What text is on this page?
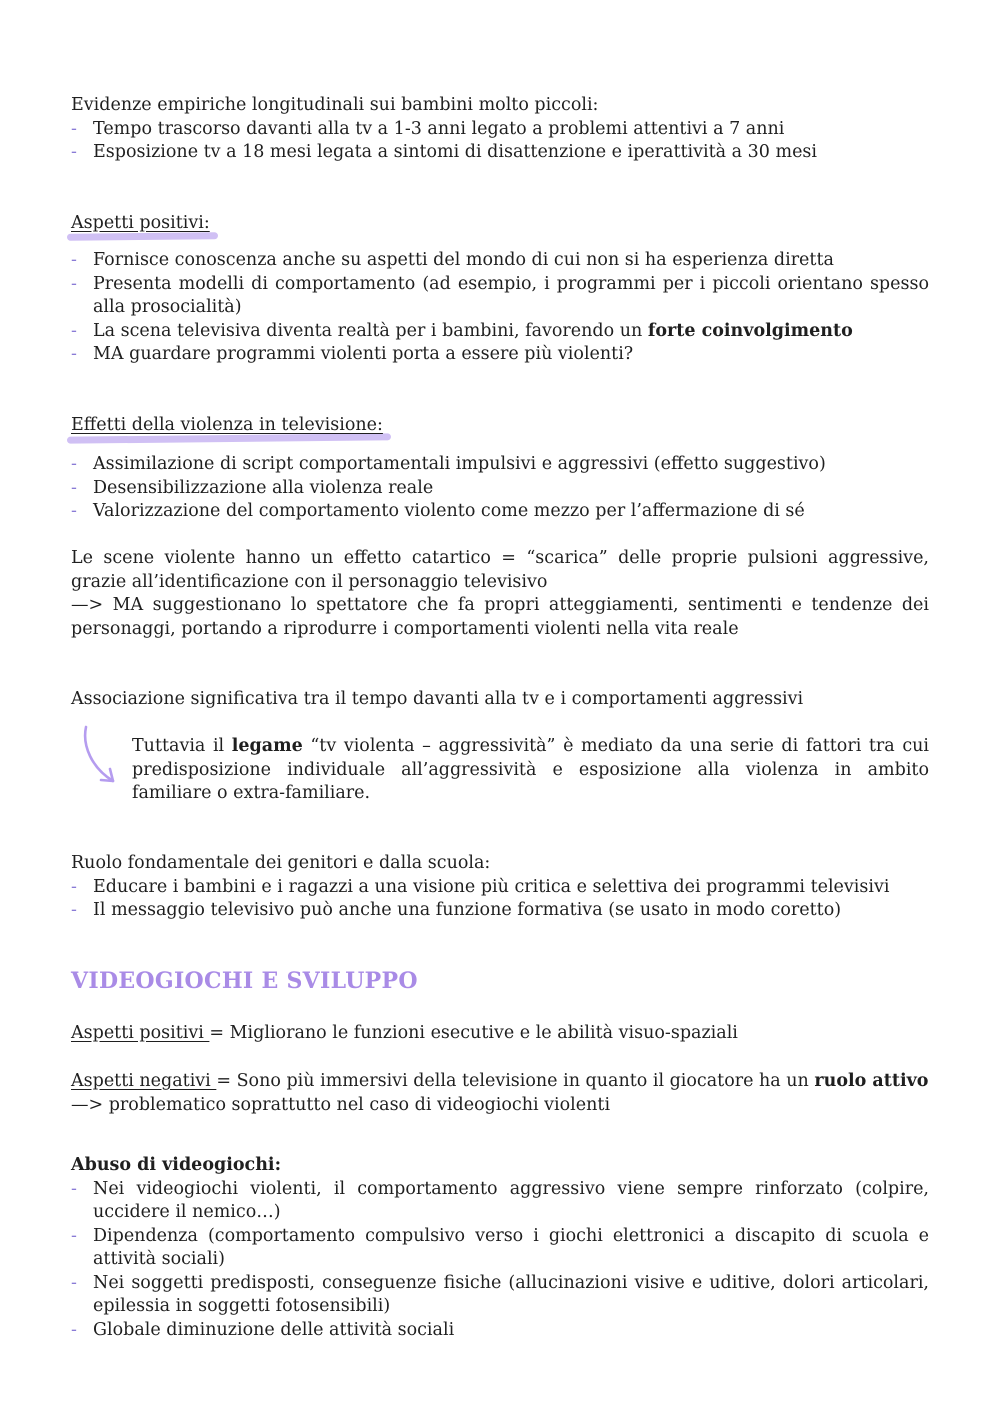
Evidenze empiriche longitudinali sui bambini molto piccoli:
- Tempo trascorso davanti alla tv a 1-3 anni legato a problemi attentivi a 7 anni
- Esposizione tv a 18 mesi legata a sintomi di disattenzione e iperattività a 30 mesi
Aspetti positivi:
- Fornisce conoscenza anche su aspetti del mondo di cui non si ha esperienza diretta
- Presenta modelli di comportamento (ad esempio, i programmi per i piccoli orientano spesso alla prosocialità)
- La scena televisiva diventa realtà per i bambini, favorendo un forte coinvolgimento
- MA guardare programmi violenti porta a essere più violenti?
Effetti della violenza in televisione:
- Assimilazione di script comportamentali impulsivi e aggressivi (effetto suggestivo)
- Desensibilizzazione alla violenza reale
- Valorizzazione del comportamento violento come mezzo per l’affermazione di sé
Le scene violente hanno un effetto catartico = “scarica” delle proprie pulsioni aggressive, grazie all’identificazione con il personaggio televisivo
—> MA suggestionano lo spettatore che fa propri atteggiamenti, sentimenti e tendenze dei personaggi, portando a riprodurre i comportamenti violenti nella vita reale
Associazione significativa tra il tempo davanti alla tv e i comportamenti aggressivi
Tuttavia il legame “tv violenta – aggressività” è mediato da una serie di fattori tra cui  predisposizione individuale all’aggressività e esposizione alla violenza in ambito familiare o extra-familiare.
Ruolo fondamentale dei genitori e dalla scuola:
- Educare i bambini e i ragazzi a una visione più critica e selettiva dei programmi televisivi
- Il messaggio televisivo può anche una funzione formativa (se usato in modo coretto)
VIDEOGIOCHI E SVILUPPO
Aspetti positivi = Migliorano le funzioni esecutive e le abilità visuo-spaziali
Aspetti negativi = Sono più immersivi della televisione in quanto il giocatore ha un ruolo attivo —> problematico soprattutto nel caso di videogiochi violenti
Abuso di videogiochi:
- Nei videogiochi violenti, il comportamento aggressivo viene sempre rinforzato (colpire, uccidere il nemico…)
- Dipendenza (comportamento compulsivo verso i giochi elettronici a discapito di scuola e attività sociali)
- Nei soggetti predisposti, conseguenze fisiche (allucinazioni visive e uditive, dolori articolari, epilessia in soggetti fotosensibili)
- Globale diminuzione delle attività sociali
